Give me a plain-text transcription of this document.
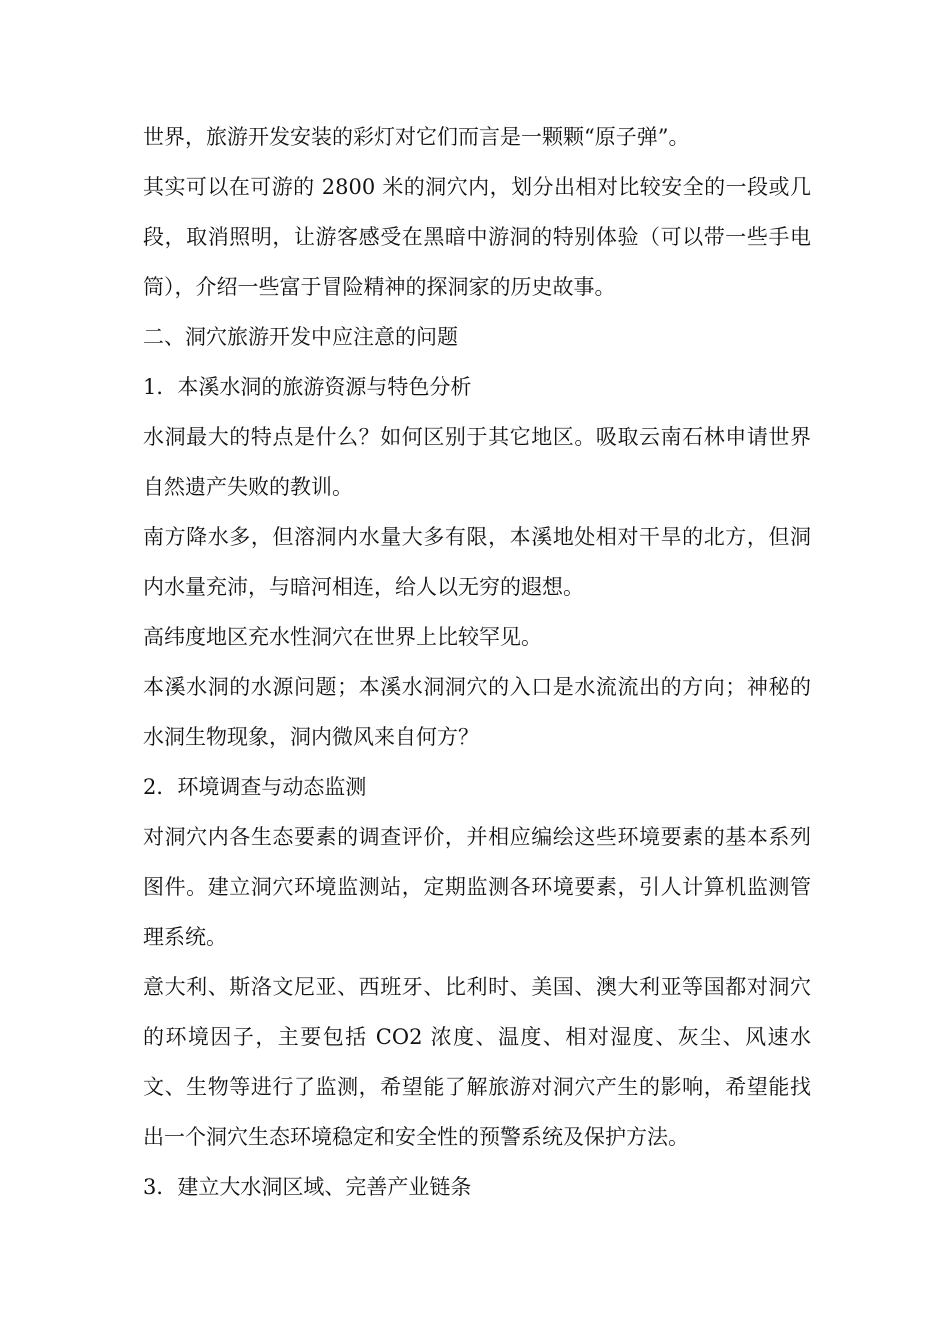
世界，旅游开发安装的彩灯对它们而言是一颗颗“原子弹”。

其实可以在可游的 2800 米的洞穴内，划分出相对比较安全的一段或几段，取消照明，让游客感受在黑暗中游洞的特别体验（可以带一些手电筒），介绍一些富于冒险精神的探洞家的历史故事。

二、洞穴旅游开发中应注意的问题

1．本溪水洞的旅游资源与特色分析

水洞最大的特点是什么？如何区别于其它地区。吸取云南石林申请世界自然遗产失败的教训。

南方降水多，但溶洞内水量大多有限，本溪地处相对干旱的北方，但洞内水量充沛，与暗河相连，给人以无穷的遐想。

高纬度地区充水性洞穴在世界上比较罕见。

本溪水洞的水源问题；本溪水洞洞穴的入口是水流流出的方向；神秘的水洞生物现象，洞内微风来自何方？

2．环境调查与动态监测

对洞穴内各生态要素的调查评价，并相应编绘这些环境要素的基本系列图件。建立洞穴环境监测站，定期监测各环境要素，引人计算机监测管理系统。

意大利、斯洛文尼亚、西班牙、比利时、美国、澳大利亚等国都对洞穴的环境因子，主要包括 CO2 浓度、温度、相对湿度、灰尘、风速水文、生物等进行了监测，希望能了解旅游对洞穴产生的影响，希望能找出一个洞穴生态环境稳定和安全性的预警系统及保护方法。

3．建立大水洞区域、完善产业链条
